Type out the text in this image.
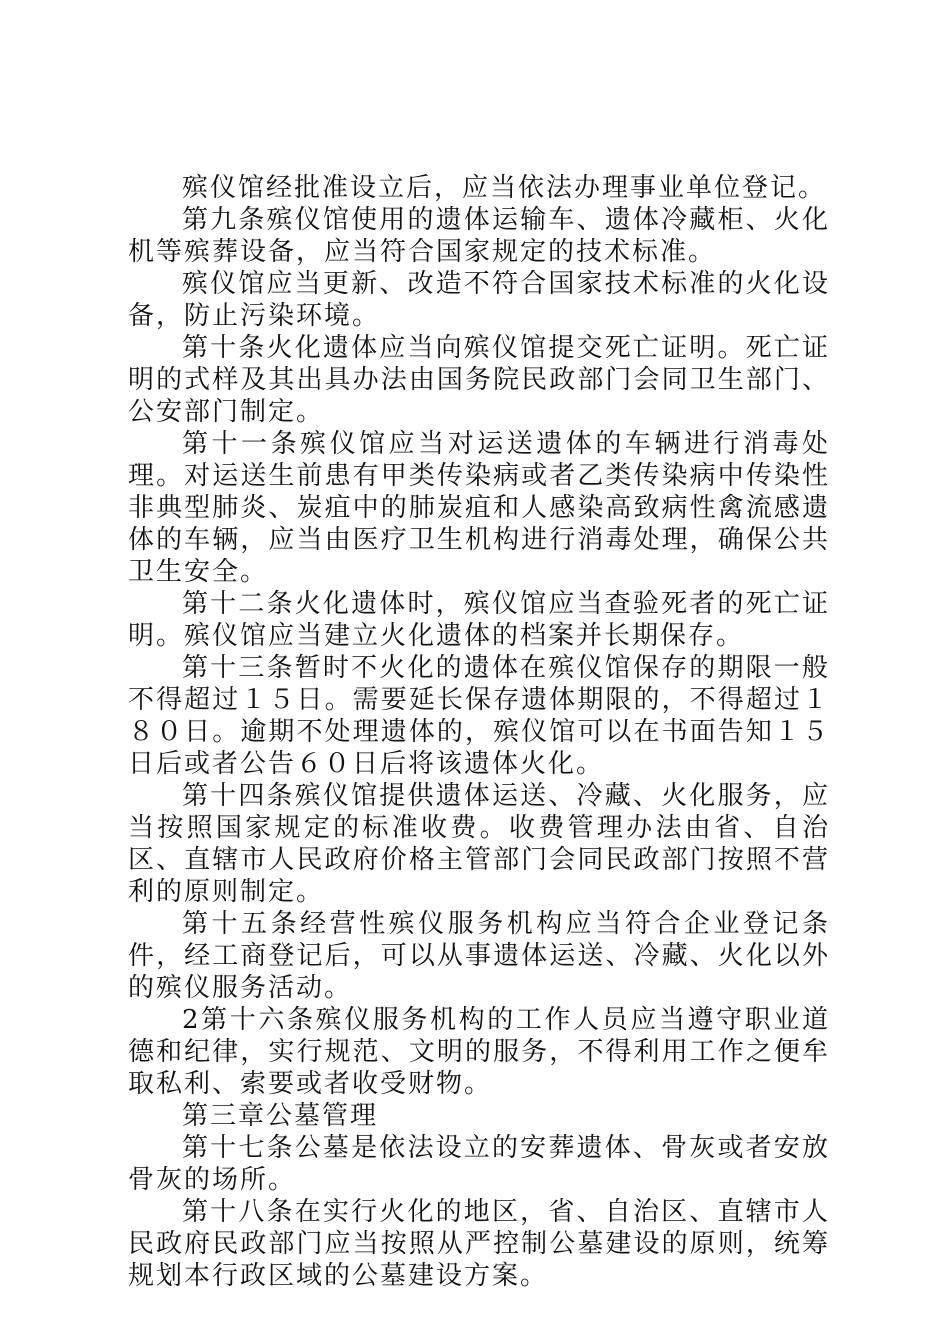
殡仪馆经批准设立后，应当依法办理事业单位登记。

第九条殡仪馆使用的遗体运输车、遗体冷藏柜、火化机等殡葬设备，应当符合国家规定的技术标准。

殡仪馆应当更新、改造不符合国家技术标准的火化设备，防止污染环境。

第十条火化遗体应当向殡仪馆提交死亡证明。死亡证明的式样及其出具办法由国务院民政部门会同卫生部门、公安部门制定。

第十一条殡仪馆应当对运送遗体的车辆进行消毒处理。对运送生前患有甲类传染病或者乙类传染病中传染性非典型肺炎、炭疽中的肺炭疽和人感染高致病性禽流感遗体的车辆，应当由医疗卫生机构进行消毒处理，确保公共卫生安全。

第十二条火化遗体时，殡仪馆应当查验死者的死亡证明。殡仪馆应当建立火化遗体的档案并长期保存。

第十三条暂时不火化的遗体在殡仪馆保存的期限一般不得超过１５日。需要延长保存遗体期限的，不得超过１８０日。逾期不处理遗体的，殡仪馆可以在书面告知１５日后或者公告６０日后将该遗体火化。

第十四条殡仪馆提供遗体运送、冷藏、火化服务，应当按照国家规定的标准收费。收费管理办法由省、自治区、直辖市人民政府价格主管部门会同民政部门按照不营利的原则制定。

第十五条经营性殡仪服务机构应当符合企业登记条件，经工商登记后，可以从事遗体运送、冷藏、火化以外的殡仪服务活动。

2第十六条殡仪服务机构的工作人员应当遵守职业道德和纪律，实行规范、文明的服务，不得利用工作之便牟取私利、索要或者收受财物。

第三章公墓管理

第十七条公墓是依法设立的安葬遗体、骨灰或者安放骨灰的场所。

第十八条在实行火化的地区，省、自治区、直辖市人民政府民政部门应当按照从严控制公墓建设的原则，统筹规划本行政区域的公墓建设方案。
